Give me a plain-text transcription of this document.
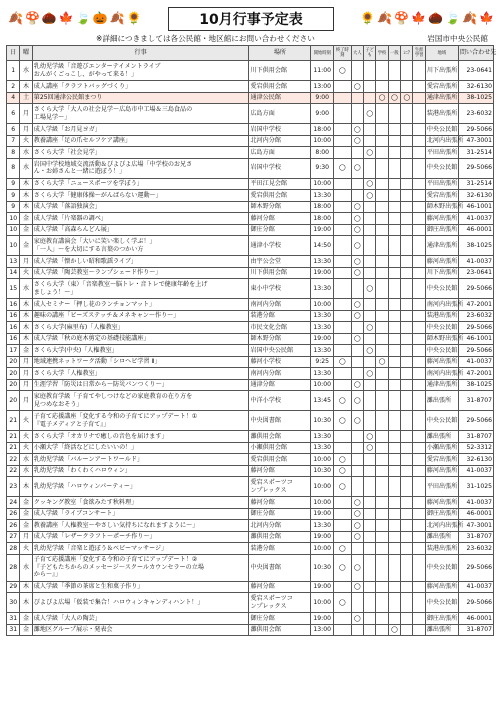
🍂 🍄 🌰 🍁 🍃 🎃 🍂 🌻	10月行事予定表	🌻 🍂 🍄 🍁 🌰 🍃 🍂 🍁
※詳細につきましては各公民館・地区館にお問い合わせください	岩国市中央公民館
日	曜	行事	場所	開始時刻	終了時刻	大人	子ども	学校	一般	ｼﾆｱ	生涯学習	地域	問い合わせ先
1	水	乳幼児学級「音遊びエンターテイメントライブ
おんがくごっこし、がやって来る！」	川下供用会館	11:00	◯							川下出張所	23-0641
2	木	成人講座「クラフトバッグづくり」	愛宕供用会館	13:00		◯						愛宕出張所	32-6130
4	土	第25回通津公民館まつり	通津公民館	9:00				◯	◯	◯		通津出張所	38-1025
6	月	さくら大学「大人の社会見学～広島市中工場＆三島食品の
工場見学～」	広島方面	9:00			◯					装港出張所	23-6032
6	月	成人学級「お月見ヨガ」	岩国中学校	18:00		◯						中央公民館	29-5066
7	火	教養講座「足の爪セルフケア講座」	北河内分館	10:00		◯						北河内出張所	47-3001
8	水	さくら大学「社会見学」	広島方面	8:00			◯					平田出張所	31-2514
8	水	岩国中学校地域交流活動＆ぴよぴよ広場「中学校のお兄さ
ん・お姉さんと一緒に遊ぼう！」	岩国中学校	9:30	◯	◯						中央公民館	29-5066
9	木	さくら大学「ニュースポーツを学ぼう」	平田江見会館	10:00			◯					平田出張所	31-2514
9	木	さくら大学「健康体操～がんばらない運動～」	愛宕供用会館	13:30			◯					愛宕出張所	32-6130
9	木	成人学級「落語独演会」	師木野分館	18:00		◯						師木野出張所	46-1001
10	金	成人学級「片楽器の調べ」	藤河分館	18:00		◯						藤河出張所	41-0037
10	金	成人学級「高森らんどん展」	御庄分館	19:00		◯						御庄出張所	46-0001
10	金	家庭教育講演会「大いに笑い楽しく学ぶ！」
「一人」～を大切にする言葉のつかい方	通津小学校	14:50		◯						通津出張所	38-1025
13	月	成人学級「懐かしい昭和歌謡ライブ」	由宇公会堂	13:30		◯						藤河出張所	41-0037
14	火	成人学級「陶芸教室～ランプシェード作り～」	川下供用会館	19:00		◯						川下出張所	23-0641
15	水	さくら大学（東）「音楽教室～脳トレ・音トレで健康年齢を上げ
ましょう！～」	東小中学校	13:30			◯					中央公民館	29-5066
16	木	成人セミナー「押し花のランチョンマット」	南河内分館	10:00		◯						南河内出張所	47-2001
16	木	趣味の講座「ビーズステッチ＆メネキャン～作り～」	装港分館	13:30		◯						装港出張所	23-6032
16	木	さくら大学(麻里布)「人権教室」	市民文化会館	13:30			◯					中央公民館	29-5066
16	木	成人学級「秋の庭木剪定の基礎技能講座」	師木野分館	19:00		◯						師木野出張所	46-1001
17	金	さくら大学(中央)「人権教室」	岩国中央公民館	13:30			◯					中央公民館	29-5066
20	月	地域連携ネットワーク活動「シロヘビ学習 Ⅱ」	藤河小学校	9:25	◯			◯				藤河出張所	41-0037
20	月	さくら大学「人権教室」	南河内分館	13:30			◯					南河内出張所	47-2001
20	月	生涯学習「防災は日常から～防災パンつくり～」	通津分館	10:00		◯						通津出張所	38-1025
20	月	家庭教育学級「子育てやしつけなどの家庭教育の在り方を
見つめなおそう」	中洋小学校	13:45	◯	◯						灘出張所	31-8707
21	火	子育て応援講座「変化する令和の子育てにアップデート！①
『電子メディアと子育て』」	中央図書館	10:30	◯	◯						中央公民館	29-5066
21	火	さくら大学「オカリナで癒しの音色を届けます」	灘供用会館	13:30			◯					灘出張所	31-8707
21	火	小瀬大学「終活などにしたいいの！」	小瀬供用会館	13:30			◯					小瀬出張所	52-3312
22	水	乳幼児学級「バルーンアートワールド」	愛宕供用会館	10:00	◯							愛宕出張所	32-6130
22	水	乳幼児学級「わくわくハロウィン」	藤河分館	10:30	◯							藤河出張所	41-0037
23	木	乳幼児学級「ハロウィンパーティー」	愛宕スポーツコ
ンプレックス	10:00	◯							平田出張所	31-1025
24	金	クッキング教室「食欲みたす秋料理」	藤河分館	10:00		◯						藤河出張所	41-0037
26	金	成人学級「ライブコンサート」	御庄分館	19:00		◯						御庄出張所	46-0001
26	金	教養講座「人権教室～やさしい気持ちになれますように～」	北河内分館	13:30		◯						北河内出張所	47-3001
27	月	成人学級「レザークラフト～ポーチ作り～」	灘供用会館	19:00		◯						灘出張所	31-8707
28	火	乳幼児学級「音楽と遊ぼう＆ベビーマッサージ」	装港分館	10:00	◯							装港出張所	23-6032
28	水	子育て応援講座「変化する令和の子育てにアップデート！②
『子どもたちからのメッセージ～スクールカウンセラーの立場
から～』」	中央図書館	10:30	◯	◯						中央公民館	29-5066
29	木	成人学級「季節の茶席と生和菓子作り」	藤河分館	19:00		◯						藤河出張所	41-0037
30	木	ぴよぴよ広場「仮装で集合！ハロウィンキャンディハント！」	愛宕スポーツコ
ンプレックス	10:00	◯							中央公民館	29-5066
31	金	成人学級「大人の陶芸」	御庄分館	19:00		◯						御庄出張所	46-0001
31	金	灘地区グループ展示・発表会	灘供用会館	13:00					◯			灘出張所	31-8707
